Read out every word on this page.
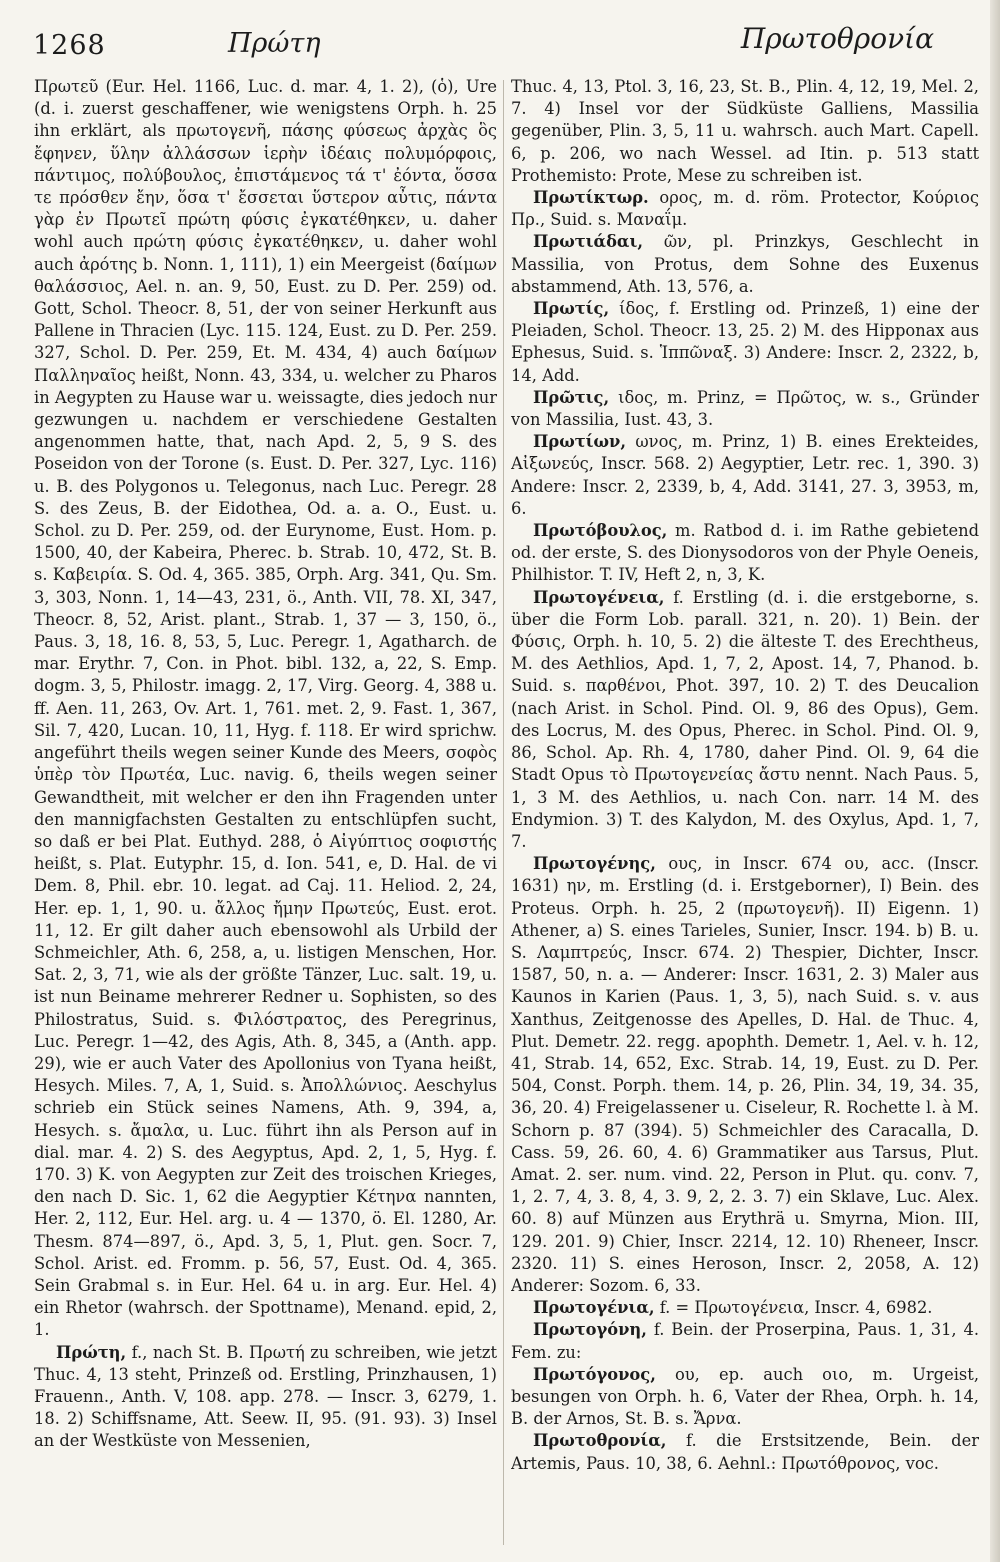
1268	Πρώτη	Πρωτοθρονία

Πρωτεῦ (Eur. Hel. 1166, Luc. d. mar. 4, 1. 2), (ὁ), Ure (d. i. zuerst geschaffener, wie wenigstens Orph. h. 25 ihn erklärt, als πρωτογενῆ, πάσης φύσεως ἀρχὰς ὃς ἔφηνεν, ὕλην ἀλλάσσων ἱερὴν ἰδέαις πολυμόρφοις, πάντιμος, πολύβουλος, ἐπιστάμενος τά τ' ἐόντα, ὅσσα τε πρόσθεν ἔην, ὅσα τ' ἔσσεται ὕστερον αὖτις, πάντα γὰρ ἐν Πρωτεῖ πρώτη φύσις ἐγκατέθηκεν, u. daher wohl auch πρώτη φύσις ἐγκατέθηκεν, u. daher wohl auch ἀρότης b. Nonn. 1, 111), 1) ein Meergeist (δαίμων θαλάσσιος, Ael. n. an. 9, 50, Eust. zu D. Per. 259) od. Gott, Schol. Theocr. 8, 51, der von seiner Herkunft aus Pallene in Thracien (Lyc. 115. 124, Eust. zu D. Per. 259. 327, Schol. D. Per. 259, Et. M. 434, 4) auch δαίμων Παλληναῖος heißt, Nonn. 43, 334, u. welcher zu Pharos in Aegypten zu Hause war u. weissagte, dies jedoch nur gezwungen u. nachdem er verschiedene Gestalten angenommen hatte, that, nach Apd. 2, 5, 9 S. des Poseidon von der Torone (s. Eust. D. Per. 327, Lyc. 116) u. B. des Polygonos u. Telegonus, nach Luc. Peregr. 28 S. des Zeus, B. der Eidothea, Od. a. a. O., Eust. u. Schol. zu D. Per. 259, od. der Eurynome, Eust. Hom. p. 1500, 40, der Kabeira, Pherec. b. Strab. 10, 472, St. B. s. Καβειρία. S. Od. 4, 365. 385, Orph. Arg. 341, Qu. Sm. 3, 303, Nonn. 1, 14—43, 231, ö., Anth. VII, 78. XI, 347, Theocr. 8, 52, Arist. plant., Strab. 1, 37 — 3, 150, ö., Paus. 3, 18, 16. 8, 53, 5, Luc. Peregr. 1, Agatharch. de mar. Erythr. 7, Con. in Phot. bibl. 132, a, 22, S. Emp. dogm. 3, 5, Philostr. imagg. 2, 17, Virg. Georg. 4, 388 u. ff. Aen. 11, 263, Ov. Art. 1, 761. met. 2, 9. Fast. 1, 367, Sil. 7, 420, Lucan. 10, 11, Hyg. f. 118. Er wird sprichw. angeführt theils wegen seiner Kunde des Meers, σοφὸς ὑπὲρ τὸν Πρωτέα, Luc. navig. 6, theils wegen seiner Gewandtheit, mit welcher er den ihn Fragenden unter den mannigfachsten Gestalten zu entschlüpfen sucht, so daß er bei Plat. Euthyd. 288, ὁ Αἰγύπτιος σοφιστής heißt, s. Plat. Eutyphr. 15, d. Ion. 541, e, D. Hal. de vi Dem. 8, Phil. ebr. 10. legat. ad Caj. 11. Heliod. 2, 24, Her. ep. 1, 1, 90. u. ἄλλος ἤμην Πρωτεύς, Eust. erot. 11, 12. Er gilt daher auch ebensowohl als Urbild der Schmeichler, Ath. 6, 258, a, u. listigen Menschen, Hor. Sat. 2, 3, 71, wie als der größte Tänzer, Luc. salt. 19, u. ist nun Beiname mehrerer Redner u. Sophisten, so des Philostratus, Suid. s. Φιλόστρατος, des Peregrinus, Luc. Peregr. 1—42, des Agis, Ath. 8, 345, a (Anth. app. 29), wie er auch Vater des Apollonius von Tyana heißt, Hesych. Miles. 7, A, 1, Suid. s. Ἀπολλώνιος. Aeschylus schrieb ein Stück seines Namens, Ath. 9, 394, a, Hesych. s. ἄμαλα, u. Luc. führt ihn als Person auf in dial. mar. 4. 2) S. des Aegyptus, Apd. 2, 1, 5, Hyg. f. 170. 3) K. von Aegypten zur Zeit des troischen Krieges, den nach D. Sic. 1, 62 die Aegyptier Κέτηνα nannten, Her. 2, 112, Eur. Hel. arg. u. 4 — 1370, ö. El. 1280, Ar. Thesm. 874—897, ö., Apd. 3, 5, 1, Plut. gen. Socr. 7, Schol. Arist. ed. Fromm. p. 56, 57, Eust. Od. 4, 365. Sein Grabmal s. in Eur. Hel. 64 u. in arg. Eur. Hel. 4) ein Rhetor (wahrsch. der Spottname), Menand. epid, 2, 1.

Πρώτη, f., nach St. B. Πρωτή zu schreiben, wie jetzt Thuc. 4, 13 steht, Prinzeß od. Erstling, Prinzhausen, 1) Frauenn., Anth. V, 108. app. 278. — Inscr. 3, 6279, 1. 18. 2) Schiffsname, Att. Seew. II, 95. (91. 93). 3) Insel an der Westküste von Messenien,

Thuc. 4, 13, Ptol. 3, 16, 23, St. B., Plin. 4, 12, 19, Mel. 2, 7. 4) Insel vor der Südküste Galliens, Massilia gegenüber, Plin. 3, 5, 11 u. wahrsch. auch Mart. Capell. 6, p. 206, wo nach Wessel. ad Itin. p. 513 statt Prothemisto: Prote, Mese zu schreiben ist.

Πρωτίκτωρ. ορος, m. d. röm. Protector, Κούριος Πρ., Suid. s. Μαναΐμ.

Πρωτιάδαι, ῶν, pl. Prinzkys, Geschlecht in Massilia, von Protus, dem Sohne des Euxenus abstammend, Ath. 13, 576, a.

Πρωτίς, ίδος, f. Erstling od. Prinzeß, 1) eine der Pleiaden, Schol. Theocr. 13, 25. 2) M. des Hipponax aus Ephesus, Suid. s. Ἱππῶναξ. 3) Andere: Inscr. 2, 2322, b, 14, Add.

Πρῶτις, ιδος, m. Prinz, = Πρῶτος, w. s., Gründer von Massilia, Iust. 43, 3.

Πρωτίων, ωνος, m. Prinz, 1) B. eines Erekteides, Αἰξωνεύς, Inscr. 568. 2) Aegyptier, Letr. rec. 1, 390. 3) Andere: Inscr. 2, 2339, b, 4, Add. 3141, 27. 3, 3953, m, 6.

Πρωτόβουλος, m. Ratbod d. i. im Rathe gebietend od. der erste, S. des Dionysodoros von der Phyle Oeneis, Philhistor. T. IV, Heft 2, n, 3, K.

Πρωτογένεια, f. Erstling (d. i. die erstgeborne, s. über die Form Lob. parall. 321, n. 20). 1) Bein. der Φύσις, Orph. h. 10, 5. 2) die älteste T. des Erechtheus, M. des Aethlios, Apd. 1, 7, 2, Apost. 14, 7, Phanod. b. Suid. s. παρθένοι, Phot. 397, 10. 2) T. des Deucalion (nach Arist. in Schol. Pind. Ol. 9, 86 des Opus), Gem. des Locrus, M. des Opus, Pherec. in Schol. Pind. Ol. 9, 86, Schol. Ap. Rh. 4, 1780, daher Pind. Ol. 9, 64 die Stadt Opus τὸ Πρωτογενείας ἄστυ nennt. Nach Paus. 5, 1, 3 M. des Aethlios, u. nach Con. narr. 14 M. des Endymion. 3) T. des Kalydon, M. des Oxylus, Apd. 1, 7, 7.

Πρωτογένης, ους, in Inscr. 674 ου, acc. (Inscr. 1631) ην, m. Erstling (d. i. Erstgeborner), I) Bein. des Proteus. Orph. h. 25, 2 (πρωτογενῆ). II) Eigenn. 1) Athener, a) S. eines Tarieles, Sunier, Inscr. 194. b) B. u. S. Λαμπτρεύς, Inscr. 674. 2) Thespier, Dichter, Inscr. 1587, 50, n. a. — Anderer: Inscr. 1631, 2. 3) Maler aus Kaunos in Karien (Paus. 1, 3, 5), nach Suid. s. v. aus Xanthus, Zeitgenosse des Apelles, D. Hal. de Thuc. 4, Plut. Demetr. 22. regg. apophth. Demetr. 1, Ael. v. h. 12, 41, Strab. 14, 652, Exc. Strab. 14, 19, Eust. zu D. Per. 504, Const. Porph. them. 14, p. 26, Plin. 34, 19, 34. 35, 36, 20. 4) Freigelassener u. Ciseleur, R. Rochette l. à M. Schorn p. 87 (394). 5) Schmeichler des Caracalla, D. Cass. 59, 26. 60, 4. 6) Grammatiker aus Tarsus, Plut. Amat. 2. ser. num. vind. 22, Person in Plut. qu. conv. 7, 1, 2. 7, 4, 3. 8, 4, 3. 9, 2, 2. 3. 7) ein Sklave, Luc. Alex. 60. 8) auf Münzen aus Erythrä u. Smyrna, Mion. III, 129. 201. 9) Chier, Inscr. 2214, 12. 10) Rheneer, Inscr. 2320. 11) S. eines Heroson, Inscr. 2, 2058, A. 12) Anderer: Sozom. 6, 33.

Πρωτογένια, f. = Πρωτογένεια, Inscr. 4, 6982.

Πρωτογόνη, f. Bein. der Proserpina, Paus. 1, 31, 4. Fem. zu:

Πρωτόγονος, ου, ep. auch οιο, m. Urgeist, besungen von Orph. h. 6, Vater der Rhea, Orph. h. 14, B. der Arnos, St. B. s. Ἄρνα.

Πρωτοθρονία, f. die Erstsitzende, Bein. der Artemis, Paus. 10, 38, 6. Aehnl.: Πρωτόθρονος, voc.
